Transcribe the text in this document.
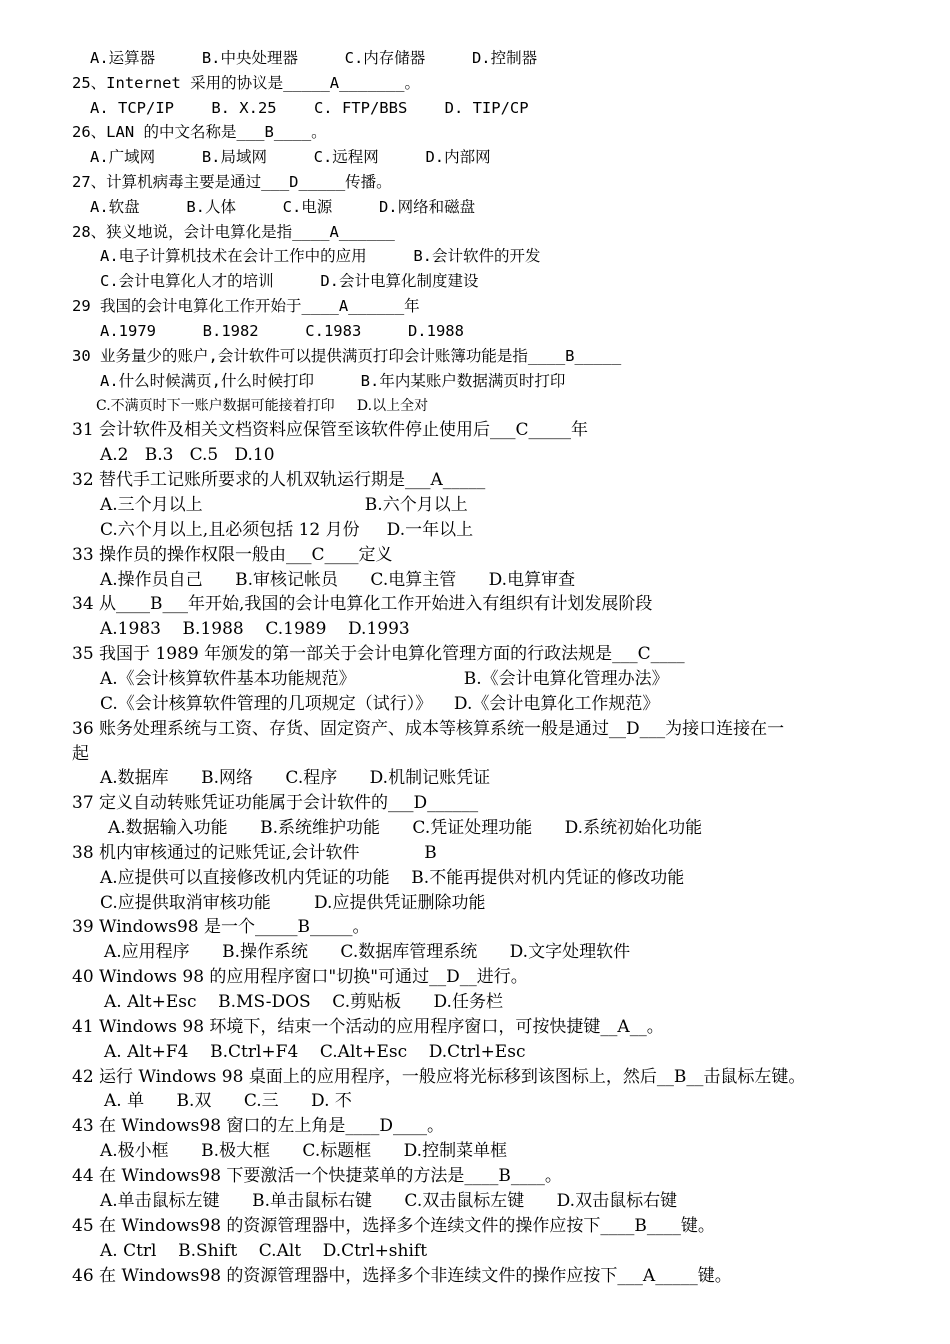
A.运算器     B.中央处理器     C.内存储器     D.控制器
25、Internet 采用的协议是_____A_______。
A. TCP/IP    B. X.25    C. FTP/BBS    D. TIP/CP
26、LAN 的中文名称是___B____。
A.广域网     B.局域网     C.远程网     D.内部网
27、计算机病毒主要是通过___D_____传播。
A.软盘     B.人体     C.电源     D.网络和磁盘
28、狭义地说，会计电算化是指____A______
A.电子计算机技术在会计工作中的应用     B.会计软件的开发
C.会计电算化人才的培训     D.会计电算化制度建设
29 我国的会计电算化工作开始于____A______年
A.1979     B.1982     C.1983     D.1988
30 业务量少的账户,会计软件可以提供满页打印会计账簿功能是指____B_____
A.什么时候满页,什么时候打印     B.年内某账户数据满页时打印
C.不满页时下一账户数据可能接着打印     D.以上全对
31 会计软件及相关文档资料应保管至该软件停止使用后___C_____年
A.2   B.3   C.5   D.10
32 替代手工记账所要求的人机双轨运行期是___A_____
A.三个月以上                              B.六个月以上
C.六个月以上,且必须包括 12 月份     D.一年以上
33 操作员的操作权限一般由___C____定义
A.操作员自己      B.审核记帐员      C.电算主管      D.电算审查
34 从____B___年开始,我国的会计电算化工作开始进入有组织有计划发展阶段
A.1983    B.1988    C.1989    D.1993
35 我国于 1989 年颁发的第一部关于会计电算化管理方面的行政法规是___C____
A.《会计核算软件基本功能规范》                    B.《会计电算化管理办法》
C.《会计核算软件管理的几项规定（试行）》    D.《会计电算化工作规范》
36 账务处理系统与工资、存货、固定资产、成本等核算系统一般是通过__D___为接口连接在一
起
A.数据库      B.网络      C.程序      D.机制记账凭证
37 定义自动转账凭证功能属于会计软件的___D______
A.数据输入功能      B.系统维护功能      C.凭证处理功能      D.系统初始化功能
38 机内审核通过的记账凭证,会计软件            B
A.应提供可以直接修改机内凭证的功能    B.不能再提供对机内凭证的修改功能
C.应提供取消审核功能        D.应提供凭证删除功能
39 Windows98 是一个_____B_____。
A.应用程序      B.操作系统      C.数据库管理系统      D.文字处理软件
40 Windows 98 的应用程序窗口"切换"可通过__D__进行。
A. Alt+Esc    B.MS-DOS    C.剪贴板      D.任务栏
41 Windows 98 环境下，结束一个活动的应用程序窗口，可按快捷键__A__。
A. Alt+F4    B.Ctrl+F4    C.Alt+Esc    D.Ctrl+Esc
42 运行 Windows 98 桌面上的应用程序，一般应将光标移到该图标上，然后__B__击鼠标左键。
A. 单      B.双      C.三      D. 不
43 在 Windows98 窗口的左上角是____D____。
A.极小框      B.极大框      C.标题框      D.控制菜单框
44 在 Windows98 下要激活一个快捷菜单的方法是____B____。
A.单击鼠标左键      B.单击鼠标右键      C.双击鼠标左键      D.双击鼠标右键
45 在 Windows98 的资源管理器中，选择多个连续文件的操作应按下____B____键。
A. Ctrl    B.Shift    C.Alt    D.Ctrl+shift
46 在 Windows98 的资源管理器中，选择多个非连续文件的操作应按下___A_____键。
